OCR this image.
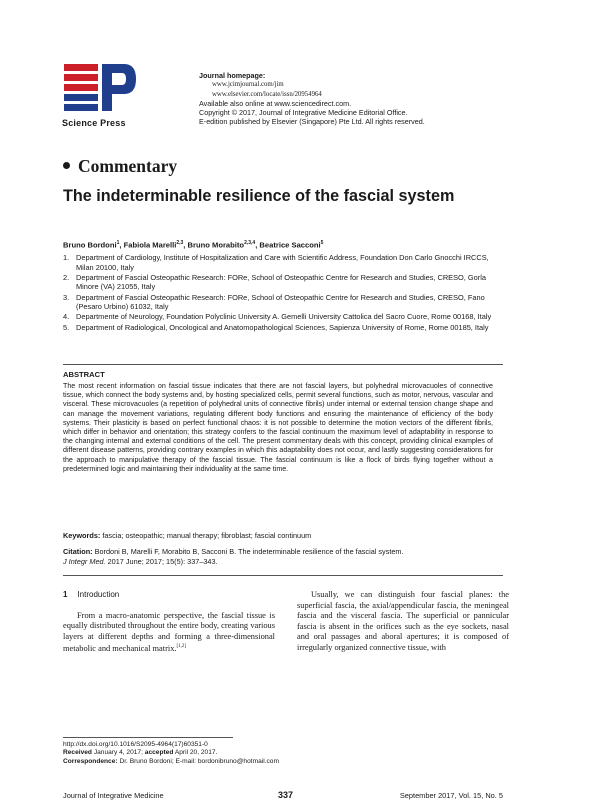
Science Press
Journal homepage:
www.jcimjournal.com/jim
www.elsevier.com/locate/issn/20954964
Available also online at www.sciencedirect.com.
Copyright © 2017, Journal of Integrative Medicine Editorial Office.
E-edition published by Elsevier (Singapore) Pte Ltd. All rights reserved.
Commentary
The indeterminable resilience of the fascial system
Bruno Bordoni$^1$, Fabiola Marelli$^{2,3}$, Bruno Morabito$^{2,3,4}$, Beatrice Sacconi$^5$
1. Department of Cardiology, Institute of Hospitalization and Care with Scientific Address, Foundation Don Carlo Gnocchi IRCCS, Milan 20100, Italy
2. Department of Fascial Osteopathic Research: FORe, School of Osteopathic Centre for Research and Studies, CRESO, Gorla Minore (VA) 21055, Italy
3. Department of Fascial Osteopathic Research: FORe, School of Osteopathic Centre for Research and Studies, CRESO, Fano (Pesaro Urbino) 61032, Italy
4. Departmente of Neurology, Foundation Polyclinic University A. Gemelli University Cattolica del Sacro Cuore, Rome 00168, Italy
5. Department of Radiological, Oncological and Anatomopathological Sciences, Sapienza University of Rome, Rome 00185, Italy
ABSTRACT

The most recent information on fascial tissue indicates that there are not fascial layers, but polyhedral microvacuoles of connective tissue, which connect the body systems and, by hosting specialized cells, permit several functions, such as motor, nervous, vascular and visceral. These microvacuoles (a repetition of polyhedral units of connective fibrils) under internal or external tension change shape and can manage the movement variations, regulating different body functions and ensuring the maintenance of efficiency of the body systems. Their plasticity is based on perfect functional chaos: it is not possible to determine the motion vectors of the different fibrils, which differ in behavior and orientation; this strategy confers to the fascial continuum the maximum level of adaptability in response to the changing internal and external conditions of the cell. The present commentary deals with this concept, providing clinical examples of different disease patterns, providing contrary examples in which this adaptability does not occur, and lastly suggesting considerations for the approach to manipulative therapy of the fascial tissue. The fascial continuum is like a flock of birds flying together without a predetermined logic and maintaining their individuality at the same time.

Keywords: fascia; osteopathic; manual therapy; fibroblast; fascial continuum
Citation: Bordoni B, Marelli F, Morabito B, Sacconi B. The indeterminable resilience of the fascial system.
J Integr Med. 2017 June; 2017; 15(5): 337–343.
1 Introduction

From a macro-anatomic perspective, the fascial tissue is equally distributed throughout the entire body, creating various layers at different depths and forming a three-dimensional metabolic and mechanical matrix.[1,2]

Usually, we can distinguish four fascial planes: the superficial fascia, the axial/appendicular fascia, the meningeal fascia and the visceral fascia. The superficial or pannicular fascia is absent in the orifices such as the eye sockets, nasal and oral passages and aboral apertures; it is composed of irregularly organized connective tissue, with

http://dx.doi.org/10.1016/S2095-4964(17)60351-0
Received January 4, 2017; accepted April 20, 2017.
Correspondence: Dr. Bruno Bordoni; E-mail: bordonibruno@hotmail.com
Journal of Integrative Medicine	337	September 2017, Vol. 15, No. 5
